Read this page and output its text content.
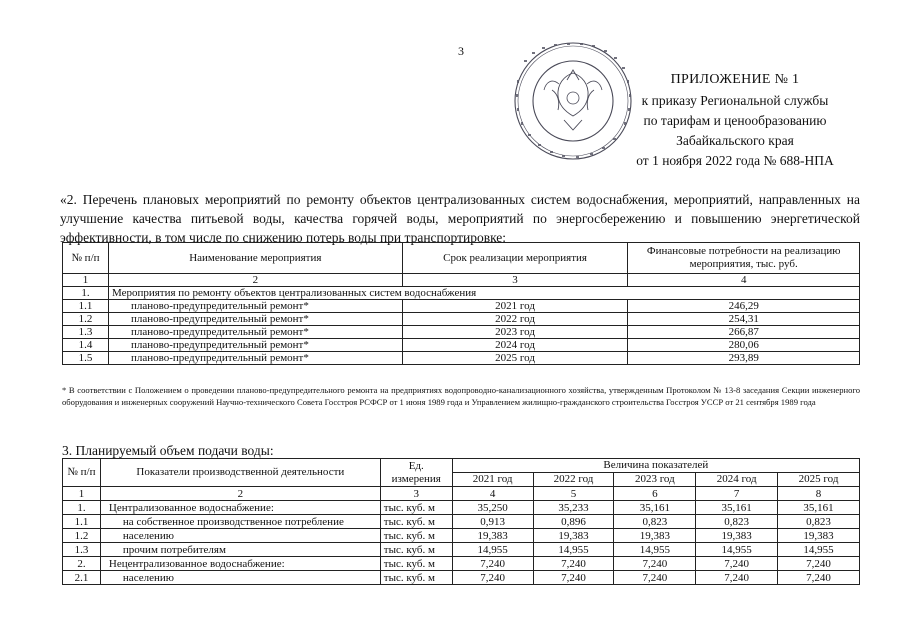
3
ПРИЛОЖЕНИЕ № 1
к приказу Региональной службы
по тарифам и ценообразованию
Забайкальского края
от 1 ноября 2022 года № 688-НПА
«2. Перечень плановых мероприятий по ремонту объектов централизованных систем водоснабжения, мероприятий, направленных на улучшение качества питьевой воды, качества горячей воды, мероприятий по энергосбережению и повышению энергетической эффективности, в том числе по снижению потерь воды при транспортировке:
№ п/п	Наименование мероприятия	Срок реализации мероприятия	Финансовые потребности на реализацию мероприятия, тыс. руб.
1	2	3	4
1.	Мероприятия по ремонту объектов централизованных систем водоснабжения		
1.1	планово-предупредительный ремонт*	2021 год	246,29
1.2	планово-предупредительный ремонт*	2022 год	254,31
1.3	планово-предупредительный ремонт*	2023 год	266,87
1.4	планово-предупредительный ремонт*	2024 год	280,06
1.5	планово-предупредительный ремонт*	2025 год	293,89
* В соответствии с Положением о проведении планово-предупредительного ремонта на предприятиях водопроводно-канализационного хозяйства, утвержденным Протоколом № 13-8 заседания Секции инженерного оборудования и инженерных сооружений Научно-технического Совета Госстроя РСФСР от 1 июня 1989 года и Управлением жилищно-гражданского строительства Госстроя УССР от 21 сентября 1989 года
3. Планируемый объем подачи воды:
№ п/п	Показатели производственной деятельности	Ед. измерения	Величина показателей				
			2021 год	2022 год	2023 год	2024 год	2025 год
1	2	3	4	5	6	7	8
1.	Централизованное водоснабжение:	тыс. куб. м	35,250	35,233	35,161	35,161	35,161
1.1	на собственное производственное потребление	тыс. куб. м	0,913	0,896	0,823	0,823	0,823
1.2	населению	тыс. куб. м	19,383	19,383	19,383	19,383	19,383
1.3	прочим потребителям	тыс. куб. м	14,955	14,955	14,955	14,955	14,955
2.	Нецентрализованное водоснабжение:	тыс. куб. м	7,240	7,240	7,240	7,240	7,240
2.1	населению	тыс. куб. м	7,240	7,240	7,240	7,240	7,240
